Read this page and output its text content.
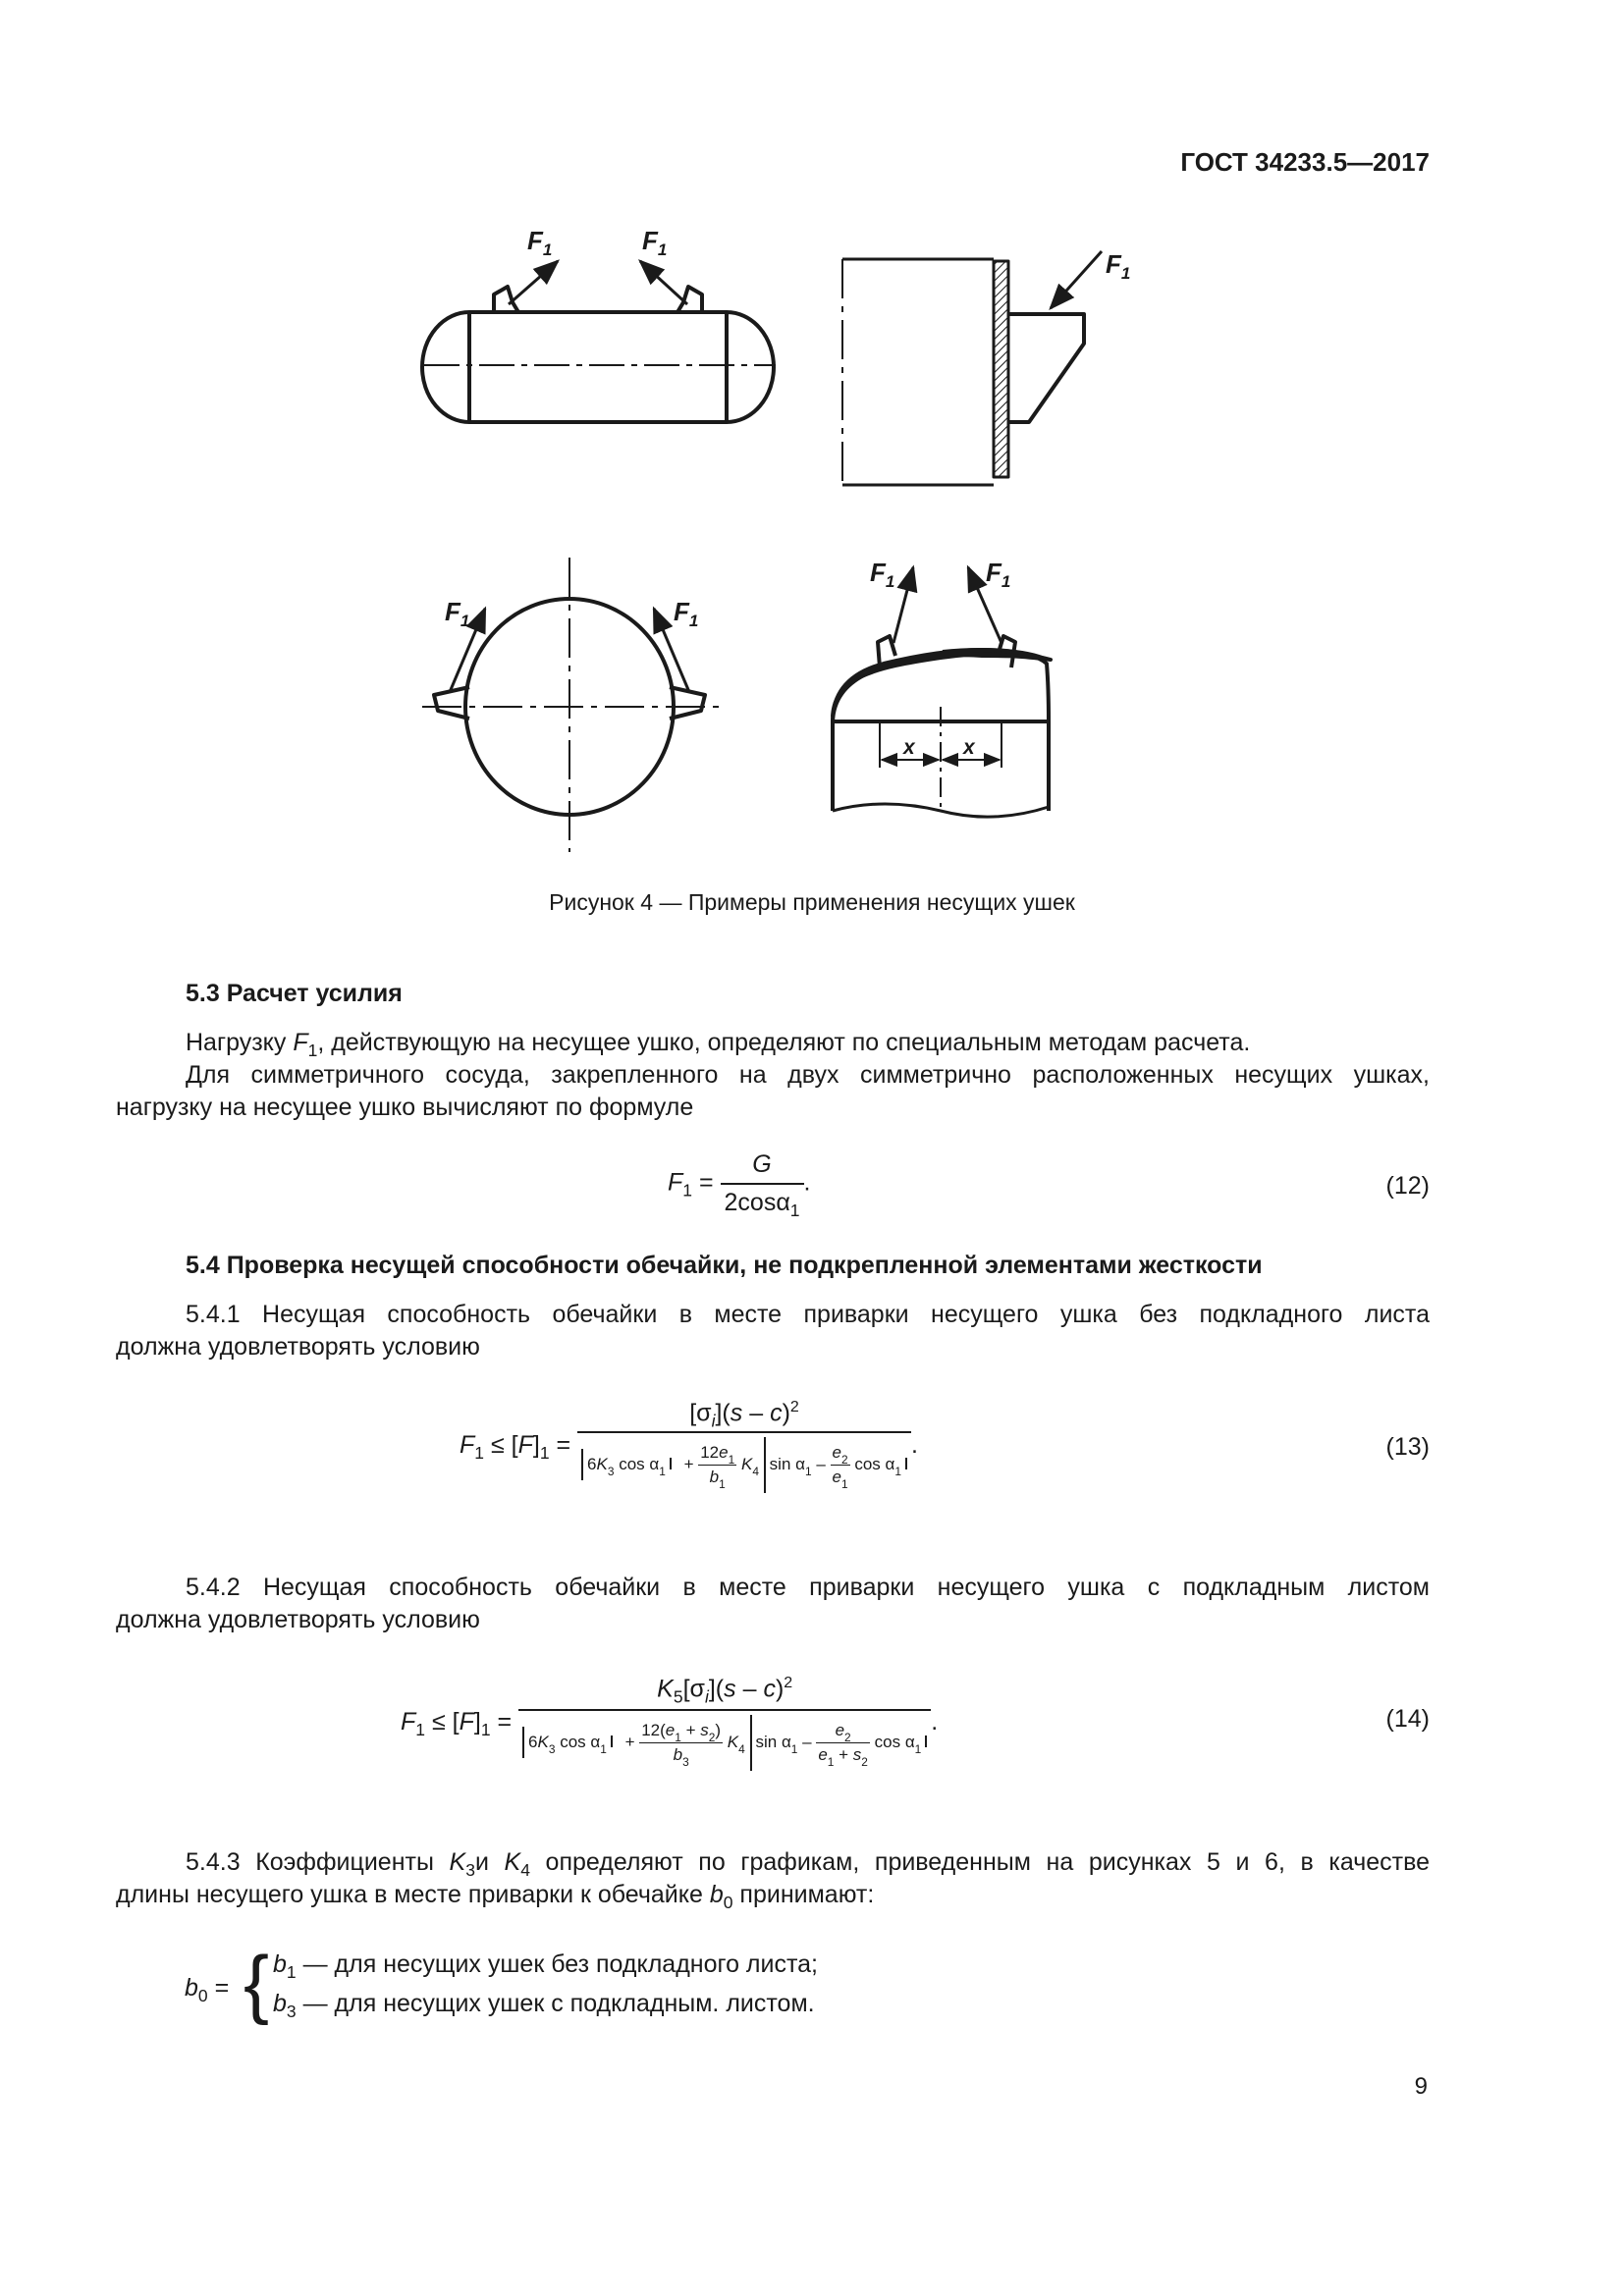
ГОСТ 34233.5—2017
$F_1$	$F_1$	$F_1$
$F_1$	$F_1$
$F_1$	$F_1$
x x
Рисунок 4 — Примеры применения несущих ушек
5.3 Расчет усилия
Нагрузку $F_1$, действующую на несущее ушко, определяют по специальным методам расчета.
Для симметричного сосуда, закрепленного на двух симметрично расположенных несущих ушках,
нагрузку на несущее ушко вычисляют по формуле
$F_1 = \frac{G}{2\cos\alpha_1}$ .	(12)
5.4 Проверка несущей способности обечайки, не подкрепленной элементами жесткости
5.4.1 Несущая способность обечайки в месте приварки несущего ушка без подкладного листа
должна удовлетворять условию
$F_1 \le [F]_1$ =
$[\sigma_i](s - c)^2$
$6K_3$ $\cos \alpha_1 + \frac{12e_1}{b_1} K_4$ $\sin \alpha_1 - \frac{e_2}{e_1}$ $\cos \alpha_1$
.	(13)
5.4.2 Несущая способность обечайки в месте приварки несущего ушка с подкладным листом
должна удовлетворять условию
$F_1 \le [F]_1$ =
$K_5[\sigma_i](s - c)^2$
$6K_3$ $\cos \alpha_1 + \frac{12(e_1 + s_2)}{b_3} K_4$ $\sin \alpha_1 - \frac{e_2}{e_1 + s_2}$ $\cos \alpha_1$
.	(14)
5.4.3 Коэффициенты $K_3и$ $K_4$ определяют по графикам, приведенным на рисунках 5 и 6, в качестве
длины несущего ушка в месте приварки к обечайке $b_0$ принимают:
$b_0$ = { $b_1$ — для несущих ушек без подкладного листа;
$b_3$ — для несущих ушек с подкладным. листом.
9
